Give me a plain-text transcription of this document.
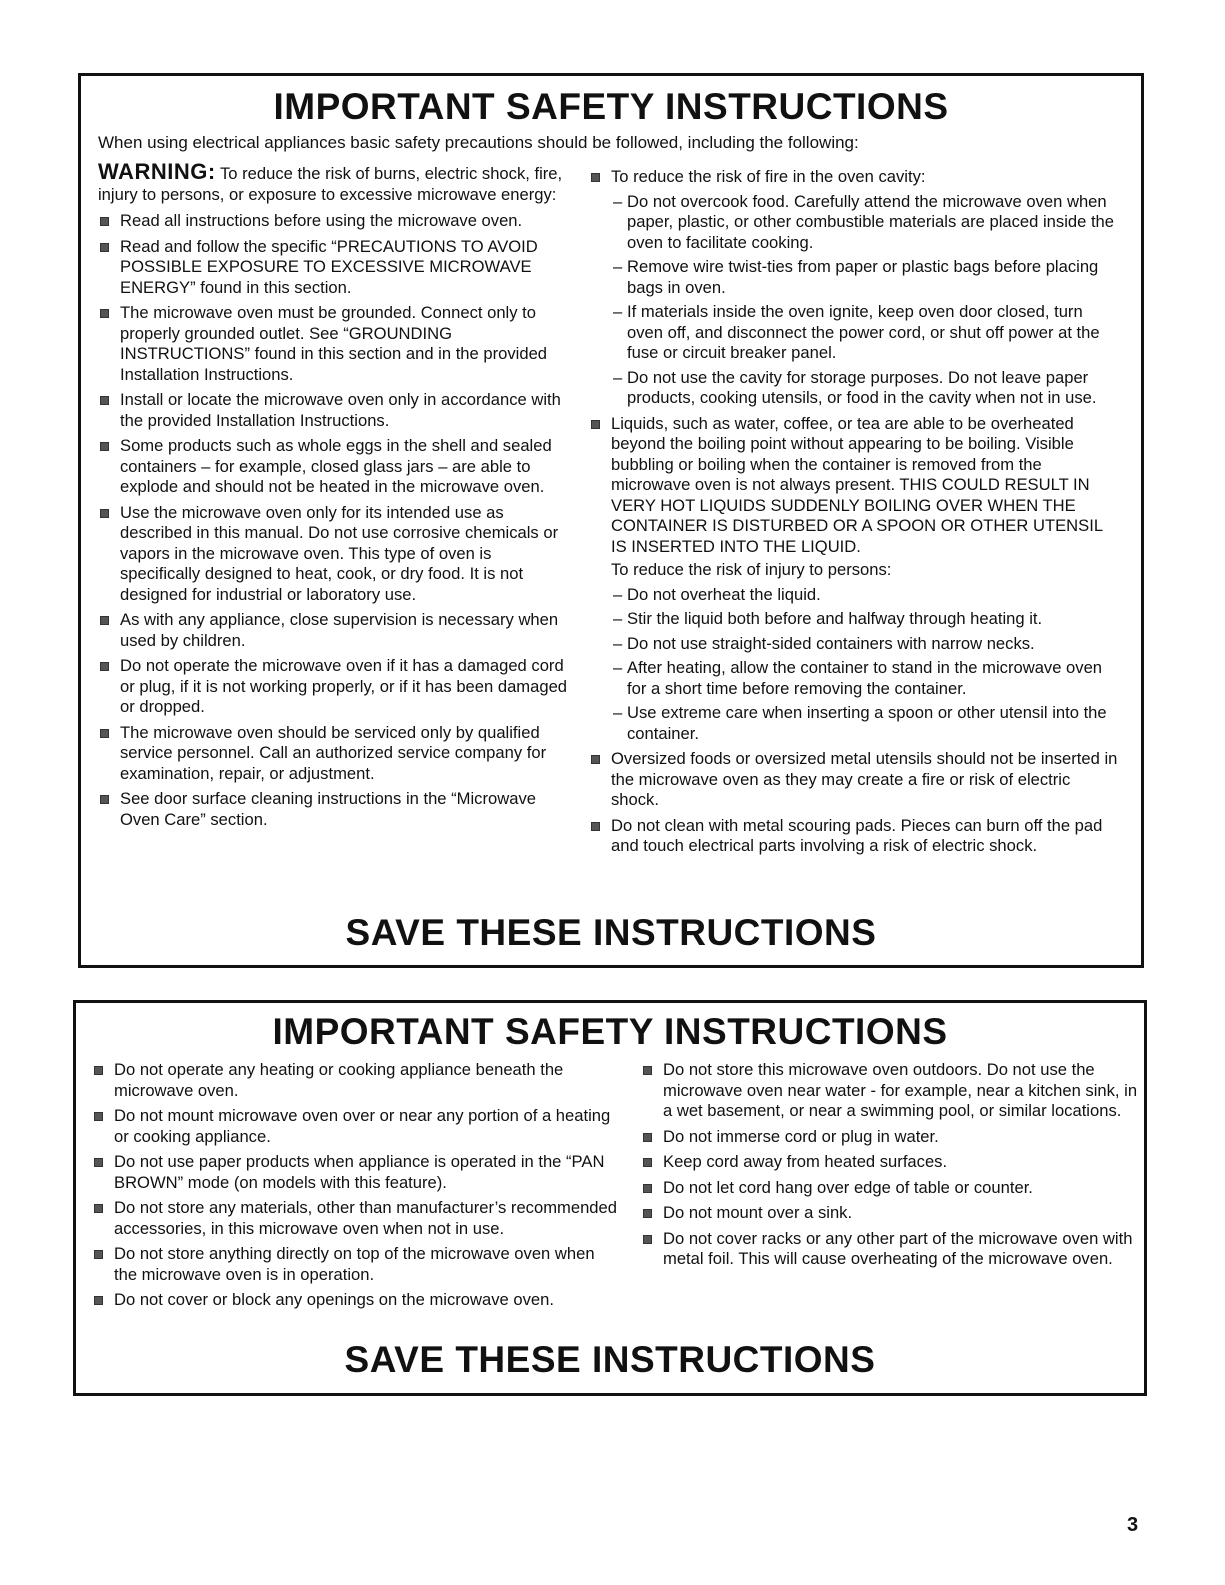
IMPORTANT SAFETY INSTRUCTIONS

When using electrical appliances basic safety precautions should be followed, including the following:

WARNING: To reduce the risk of burns, electric shock, fire, injury to persons, or exposure to excessive microwave energy:

Read all instructions before using the microwave oven.
Read and follow the specific “PRECAUTIONS TO AVOID POSSIBLE EXPOSURE TO EXCESSIVE MICROWAVE ENERGY” found in this section.
The microwave oven must be grounded. Connect only to properly grounded outlet. See “GROUNDING INSTRUCTIONS” found in this section and in the provided Installation Instructions.
Install or locate the microwave oven only in accordance with the provided Installation Instructions.
Some products such as whole eggs in the shell and sealed containers – for example, closed glass jars – are able to explode and should not be heated in the microwave oven.
Use the microwave oven only for its intended use as described in this manual. Do not use corrosive chemicals or vapors in the microwave oven. This type of oven is specifically designed to heat, cook, or dry food. It is not designed for industrial or laboratory use.
As with any appliance, close supervision is necessary when used by children.
Do not operate the microwave oven if it has a damaged cord or plug, if it is not working properly, or if it has been damaged or dropped.
The microwave oven should be serviced only by qualified service personnel. Call an authorized service company for examination, repair, or adjustment.
See door surface cleaning instructions in the “Microwave Oven Care” section.
To reduce the risk of fire in the oven cavity:
– Do not overcook food. Carefully attend the microwave oven when paper, plastic, or other combustible materials are placed inside the oven to facilitate cooking.
– Remove wire twist-ties from paper or plastic bags before placing bags in oven.
– If materials inside the oven ignite, keep oven door closed, turn oven off, and disconnect the power cord, or shut off power at the fuse or circuit breaker panel.
– Do not use the cavity for storage purposes. Do not leave paper products, cooking utensils, or food in the cavity when not in use.
Liquids, such as water, coffee, or tea are able to be overheated beyond the boiling point without appearing to be boiling. Visible bubbling or boiling when the container is removed from the microwave oven is not always present. THIS COULD RESULT IN VERY HOT LIQUIDS SUDDENLY BOILING OVER WHEN THE CONTAINER IS DISTURBED OR A SPOON OR OTHER UTENSIL IS INSERTED INTO THE LIQUID.

To reduce the risk of injury to persons:

– Do not overheat the liquid.
– Stir the liquid both before and halfway through heating it.
– Do not use straight-sided containers with narrow necks.
– After heating, allow the container to stand in the microwave oven for a short time before removing the container.
– Use extreme care when inserting a spoon or other utensil into the container.
Oversized foods or oversized metal utensils should not be inserted in the microwave oven as they may create a fire or risk of electric shock.
Do not clean with metal scouring pads. Pieces can burn off the pad and touch electrical parts involving a risk of electric shock.
SAVE THESE INSTRUCTIONS
IMPORTANT SAFETY INSTRUCTIONS
Do not operate any heating or cooking appliance beneath the microwave oven.
Do not mount microwave oven over or near any portion of a heating or cooking appliance.
Do not use paper products when appliance is operated in the “PAN BROWN” mode (on models with this feature).
Do not store any materials, other than manufacturer’s recommended accessories, in this microwave oven when not in use.
Do not store anything directly on top of the microwave oven when the microwave oven is in operation.
Do not cover or block any openings on the microwave oven.
Do not store this microwave oven outdoors. Do not use the microwave oven near water - for example, near a kitchen sink, in a wet basement, or near a swimming pool, or similar locations.
Do not immerse cord or plug in water.
Keep cord away from heated surfaces.
Do not let cord hang over edge of table or counter.
Do not mount over a sink.
Do not cover racks or any other part of the microwave oven with metal foil. This will cause overheating of the microwave oven.
SAVE THESE INSTRUCTIONS
3
